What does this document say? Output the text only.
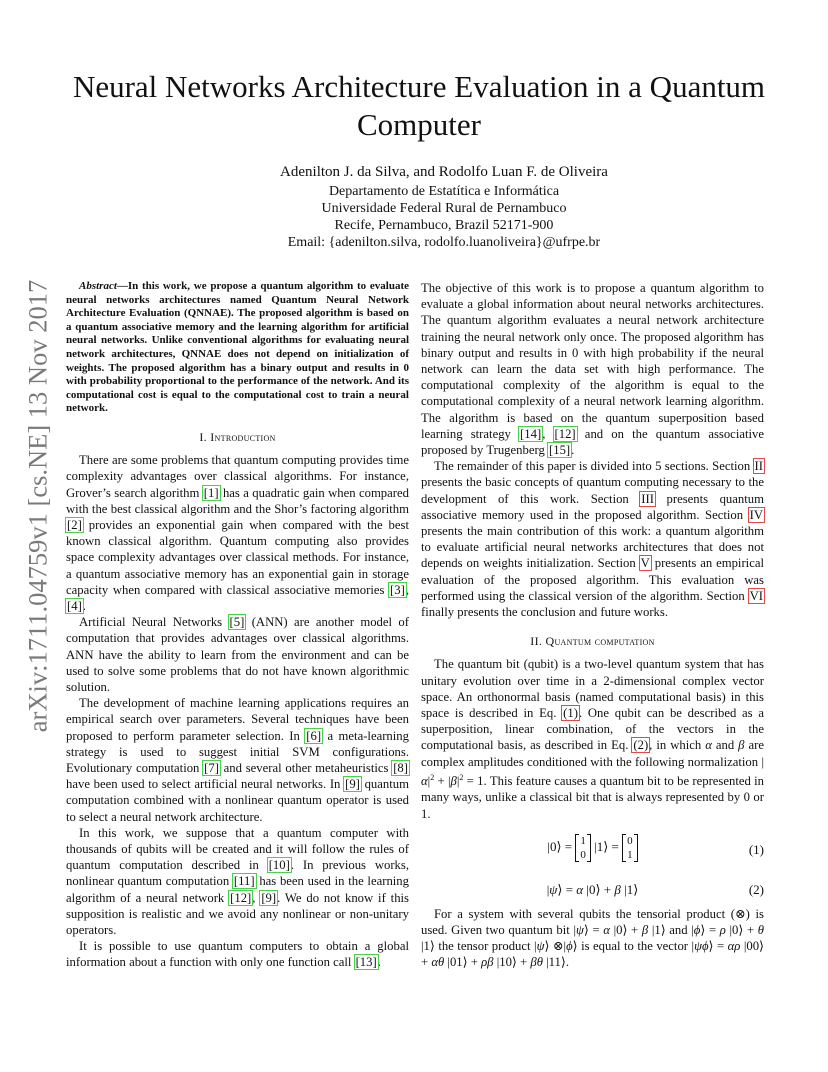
arXiv:1711.04759v1 [cs.NE] 13 Nov 2017
Neural Networks Architecture Evaluation in a Quantum Computer
Adenilton J. da Silva, and Rodolfo Luan F. de Oliveira
Departamento de Estatítica e Informática
Universidade Federal Rural de Pernambuco
Recife, Pernambuco, Brazil 52171-900
Email: {adenilton.silva, rodolfo.luanoliveira}@ufrpe.br

Abstract—In this work, we propose a quantum algorithm to evaluate neural networks architectures named Quantum Neural Network Architecture Evaluation (QNNAE). The proposed algorithm is based on a quantum associative memory and the learning algorithm for artificial neural networks. Unlike conventional algorithms for evaluating neural network architectures, QNNAE does not depend on initialization of weights. The proposed algorithm has a binary output and results in 0 with probability proportional to the performance of the network. And its computational cost is equal to the computational cost to train a neural network.

I. Introduction

There are some problems that quantum computing provides time complexity advantages over classical algorithms. For instance, Grover’s search algorithm [1] has a quadratic gain when compared with the best classical algorithm and the Shor’s factoring algorithm [2] provides an exponential gain when compared with the best known classical algorithm. Quantum computing also provides space complexity advantages over classical methods. For instance, a quantum associative memory has an exponential gain in storage capacity when compared with classical associative memories [3], [4].

Artificial Neural Networks [5] (ANN) are another model of computation that provides advantages over classical algorithms. ANN have the ability to learn from the environment and can be used to solve some problems that do not have known algorithmic solution.

The development of machine learning applications requires an empirical search over parameters. Several techniques have been proposed to perform parameter selection. In [6] a meta-learning strategy is used to suggest initial SVM configurations. Evolutionary computation [7] and several other metaheuristics [8] have been used to select artificial neural networks. In [9] quantum computation combined with a nonlinear quantum operator is used to select a neural network architecture.

In this work, we suppose that a quantum computer with thousands of qubits will be created and it will follow the rules of quantum computation described in [10]. In previous works, nonlinear quantum computation [11] has been used in the learning algorithm of a neural network [12], [9]. We do not know if this supposition is realistic and we avoid any nonlinear or non-unitary operators.

It is possible to use quantum computers to obtain a global information about a function with only one function call [13].

The objective of this work is to propose a quantum algorithm to evaluate a global information about neural networks architectures. The quantum algorithm evaluates a neural network architecture training the neural network only once. The proposed algorithm has binary output and results in 0 with high probability if the neural network can learn the data set with high performance. The computational complexity of the algorithm is equal to the computational complexity of a neural network learning algorithm. The algorithm is based on the quantum superposition based learning strategy [14], [12] and on the quantum associative proposed by Trugenberg [15].

The remainder of this paper is divided into 5 sections. Section II presents the basic concepts of quantum computing necessary to the development of this work. Section III presents quantum associative memory used in the proposed algorithm. Section IV presents the main contribution of this work: a quantum algorithm to evaluate artificial neural networks architectures that does not depends on weights initialization. Section V presents an empirical evaluation of the proposed algorithm. This evaluation was performed using the classical version of the algorithm. Section VI finally presents the conclusion and future works.

II. Quantum computation

The quantum bit (qubit) is a two-level quantum system that has unitary evolution over time in a 2-dimensional complex vector space. An orthonormal basis (named computational basis) in this space is described in Eq. (1). One qubit can be described as a superposition, linear combination, of the vectors in the computational basis, as described in Eq. (2), in which α and β are complex amplitudes conditioned with the following normalization $|\alpha|^2 + |\beta|^2 = 1$. This feature causes a quantum bit to be represented in many ways, unlike a classical bit that is always represented by 0 or 1.

|0⟩ = 1
0 |1⟩ = 0
1	(1)
|ψ⟩ = α |0⟩ + β |1⟩	(2)

For a system with several qubits the tensorial product (⊗) is used. Given two quantum bit |ψ⟩ = α |0⟩ + β |1⟩ and |ϕ⟩ = ρ |0⟩ + θ |1⟩ the tensor product |ψ⟩ ⊗|ϕ⟩ is equal to the vector |ψϕ⟩ = αρ |00⟩ + αθ |01⟩ + ρβ |10⟩ + βθ |11⟩.
